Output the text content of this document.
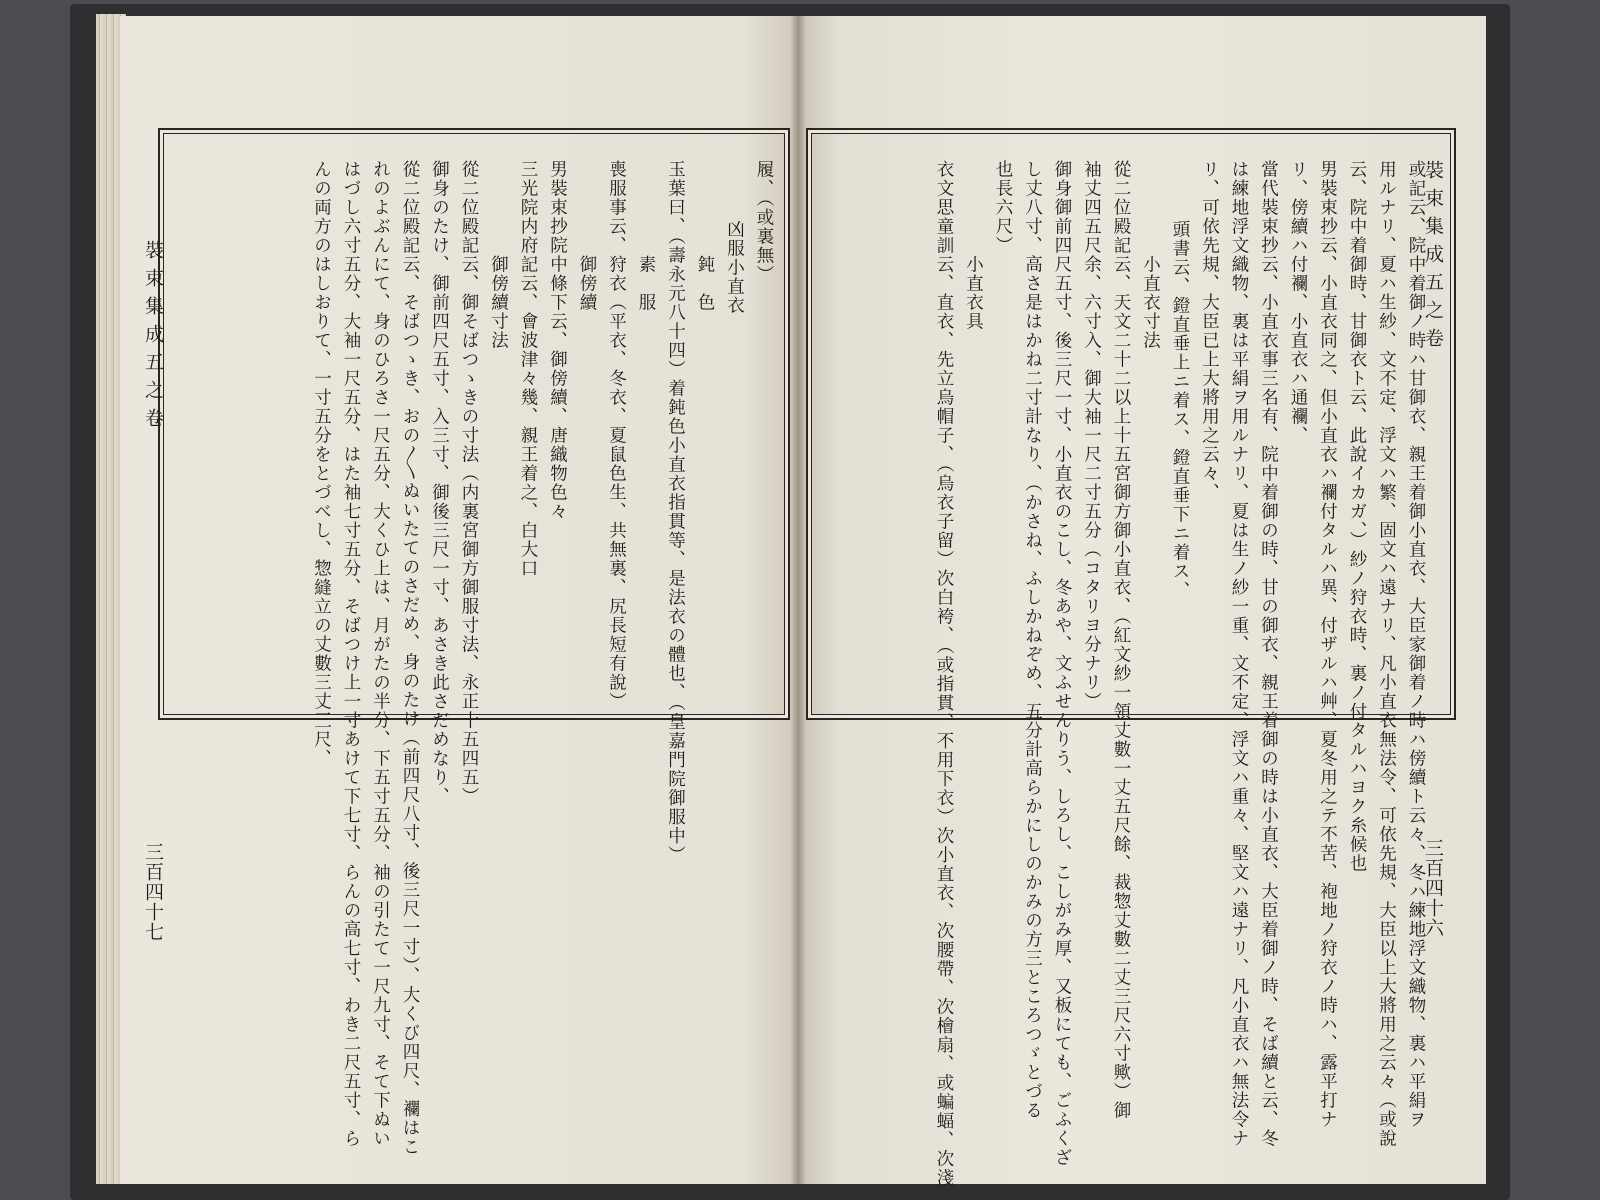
裝束集成五之卷
三百四十六
或記云、院中着御ノ時ハ甘御衣、親王着御小直衣、大臣家御着ノ時ハ傍續ト云々、冬ハ練地浮文織物、裏ハ平絹ヲ
用ルナリ、夏ハ生紗、文不定、浮文ハ繁、固文ハ遠ナリ、凡小直衣無法令、可依先規、大臣以上大將用之云々（或說
云、院中着御時、甘御衣ト云、此說イカガ、）紗ノ狩衣時、裏ノ付タルハヨク糸候也
男裝束抄云、小直衣同之、但小直衣ハ襴付タルハ異、付ザルハ艸、夏冬用之テ不苦、袍地ノ狩衣ノ時ハ、露平打ナ
リ、傍續ハ付襴、小直衣ハ通襴、
當代裝束抄云、小直衣事三名有、院中着御の時、甘の御衣、親王着御の時は小直衣、大臣着御ノ時、そば續と云、冬
は練地浮文織物、裏は平絹ヲ用ルナリ、夏は生ノ紗一重、文不定、浮文ハ重々、堅文ハ遠ナリ、凡小直衣ハ無法令ナ
リ、可依先規、大臣已上大將用之云々、
頭書云、鐙直垂上ニ着ス、鐙直垂下ニ着ス、
小直衣寸法
從二位殿記云、天文二十二以上十五宮御方御小直衣、（紅文紗一領丈數一丈五尺餘、裁惣丈數二丈三尺六寸歟）御
袖丈四五尺余、六寸入、御大袖一尺二寸五分（コタリヨ分ナリ）
御身御前四尺五寸、後三尺一寸、小直衣のこし、冬あや、文ふせんりう、しろし、こしがみ厚、又板にても、ごふくざ
し丈八寸、高さ是はかね二寸計なり、（かさね、ふしかねぞめ、五分計高らかにしのかみの方三ところつゞとづる
也長六尺）
小直衣具
衣文思童訓云、直衣、先立烏帽子、（烏衣子留）次白袴、（或指貫、不用下衣）次小直衣、次腰帶、次檜扇、或蝙蝠、次淺
裝束集成五之卷
三百四十七
履、（或裏無）
凶服小直衣
鈍　色
玉葉曰、（壽永元八十四）着鈍色小直衣指貫等、是法衣の體也、（皇嘉門院御服中）
素　服
喪服事云、狩衣（平衣、冬衣、夏鼠色生、共無裏、尻長短有說）
御傍續
男裝束抄院中條下云、御傍續、唐織物色々
三光院内府記云、會波津々幾、親王着之、白大口
御傍續寸法
從二位殿記云、御そばつゝきの寸法（内裏宮御方御服寸法、永正十五四五）
御身のたけ、御前四尺五寸、入三寸、御後三尺一寸、あさき此さだめなり、
從二位殿記云、そばつゝき、おの〳〵ぬいたてのさだめ、身のたけ（前四尺八寸、後三尺一寸）、大くび四尺、襴はこ
れのよぶんにて、身のひろさ一尺五分、大くひ上は、月がたの半分、下五寸五分、袖の引たて一尺九寸、そて下ぬい
はづし六寸五分、大袖一尺五分、はた袖七寸五分、そばつけ上一寸あけて下七寸、らんの高七寸、わき二尺五寸、ら
んの両方のはしおりて、一寸五分をとづべし、惣縫立の丈數三丈三尺、
